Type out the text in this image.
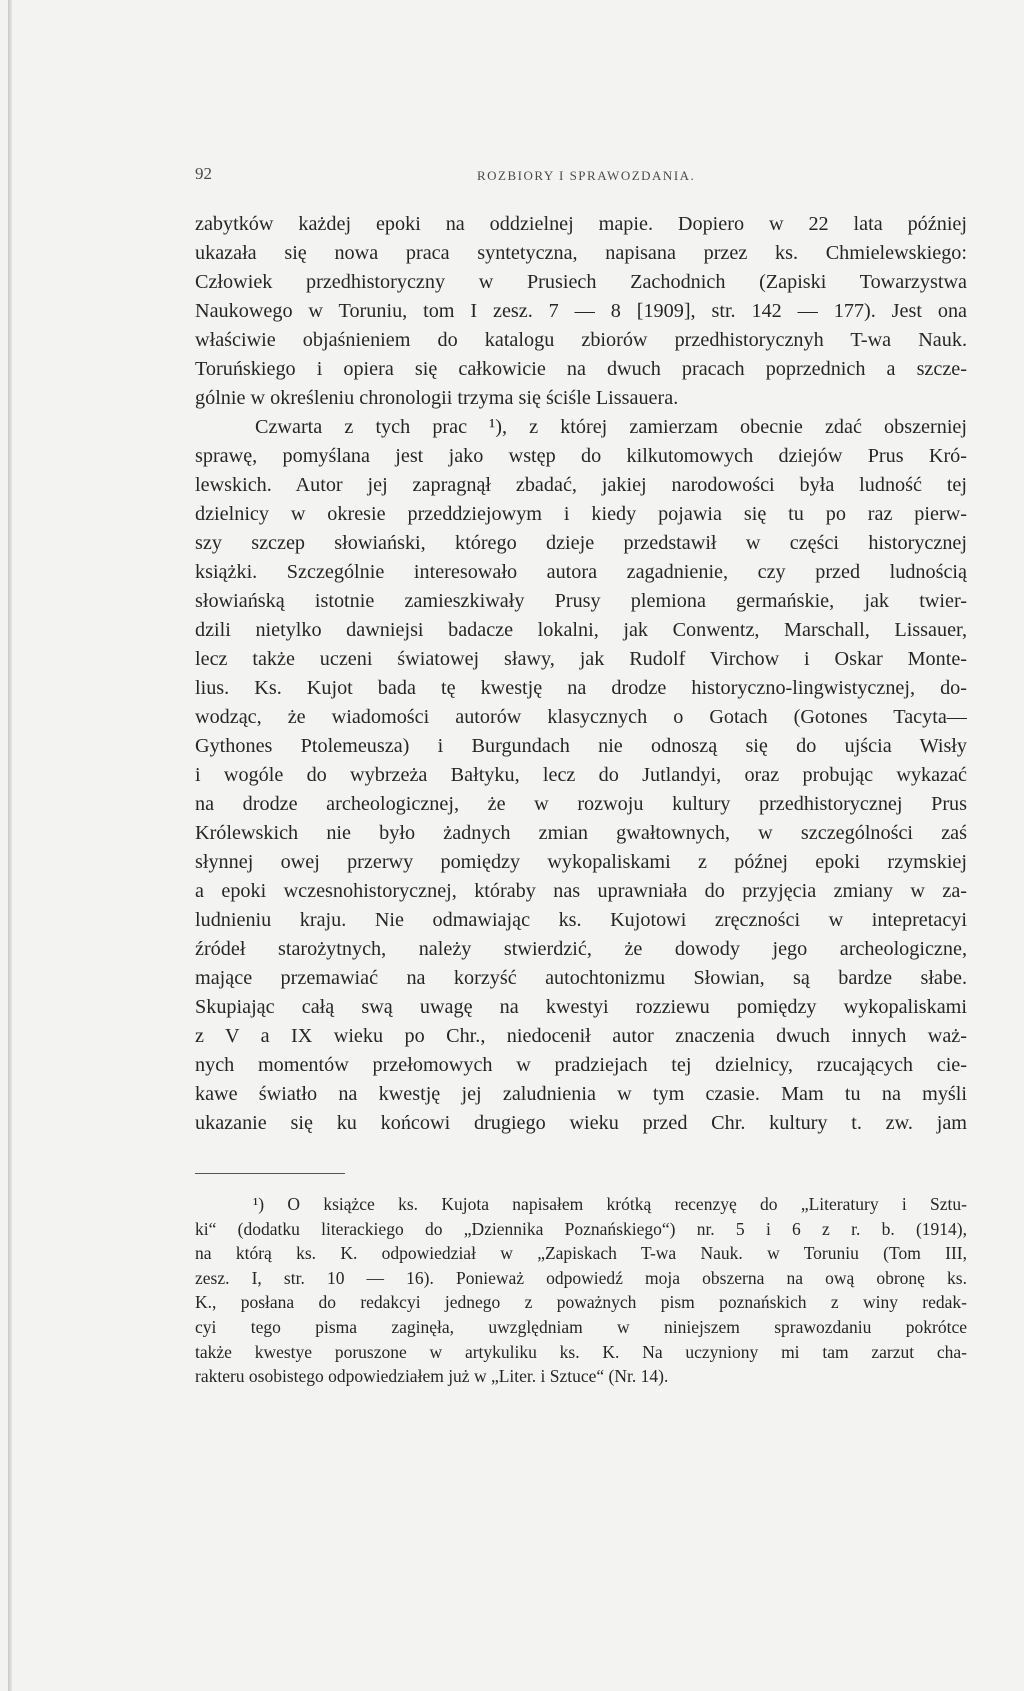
92	ROZBIORY I SPRAWOZDANIA.
zabytków każdej epoki na oddzielnej mapie. Dopiero w 22 lata później
ukazała się nowa praca syntetyczna, napisana przez ks. Chmielewskiego:
Człowiek przedhistoryczny w Prusiech Zachodnich (Zapiski Towarzystwa
Naukowego w Toruniu, tom I zesz. 7 — 8 [1909], str. 142 — 177). Jest ona
właściwie objaśnieniem do katalogu zbiorów przedhistorycznyh T-wa Nauk.
Toruńskiego i opiera się całkowicie na dwuch pracach poprzednich a szcze-
gólnie w określeniu chronologii trzyma się ściśle Lissauera.
Czwarta z tych prac ¹), z której zamierzam obecnie zdać obszerniej
sprawę, pomyślana jest jako wstęp do kilkutomowych dziejów Prus Kró-
lewskich. Autor jej zapragnął zbadać, jakiej narodowości była ludność tej
dzielnicy w okresie przeddziejowym i kiedy pojawia się tu po raz pierw-
szy szczep słowiański, którego dzieje przedstawił w części historycznej
książki. Szczególnie interesowało autora zagadnienie, czy przed ludnością
słowiańską istotnie zamieszkiwały Prusy plemiona germańskie, jak twier-
dzili nietylko dawniejsi badacze lokalni, jak Conwentz, Marschall, Lissauer,
lecz także uczeni światowej sławy, jak Rudolf Virchow i Oskar Monte-
lius. Ks. Kujot bada tę kwestję na drodze historyczno-lingwistycznej, do-
wodząc, że wiadomości autorów klasycznych o Gotach (Gotones Tacyta—
Gythones Ptolemeusza) i Burgundach nie odnoszą się do ujścia Wisły
i wogóle do wybrzeża Bałtyku, lecz do Jutlandyi, oraz probując wykazać
na drodze archeologicznej, że w rozwoju kultury przedhistorycznej Prus
Królewskich nie było żadnych zmian gwałtownych, w szczególności zaś
słynnej owej przerwy pomiędzy wykopaliskami z późnej epoki rzymskiej
a epoki wczesnohistorycznej, któraby nas uprawniała do przyjęcia zmiany w za-
ludnieniu kraju. Nie odmawiając ks. Kujotowi zręczności w intepretacyi
źródeł starożytnych, należy stwierdzić, że dowody jego archeologiczne,
mające przemawiać na korzyść autochtonizmu Słowian, są bardze słabe.
Skupiając całą swą uwagę na kwestyi rozziewu pomiędzy wykopaliskami
z V a IX wieku po Chr., niedocenił autor znaczenia dwuch innych waż-
nych momentów przełomowych w pradziejach tej dzielnicy, rzucających cie-
kawe światło na kwestję jej zaludnienia w tym czasie. Mam tu na myśli
ukazanie się ku końcowi drugiego wieku przed Chr. kultury t. zw. jam
¹) O książce ks. Kujota napisałem krótką recenzyę do „Literatury i Sztu-
ki“ (dodatku literackiego do „Dziennika Poznańskiego“) nr. 5 i 6 z r. b. (1914),
na którą ks. K. odpowiedział w „Zapiskach T-wa Nauk. w Toruniu (Tom III,
zesz. I, str. 10 — 16). Ponieważ odpowiedź moja obszerna na ową obronę ks.
K., posłana do redakcyi jednego z poważnych pism poznańskich z winy redak-
cyi tego pisma zaginęła, uwzględniam w niniejszem sprawozdaniu pokrótce
także kwestye poruszone w artykuliku ks. K. Na uczyniony mi tam zarzut cha-
rakteru osobistego odpowiedziałem już w „Liter. i Sztuce“ (Nr. 14).
